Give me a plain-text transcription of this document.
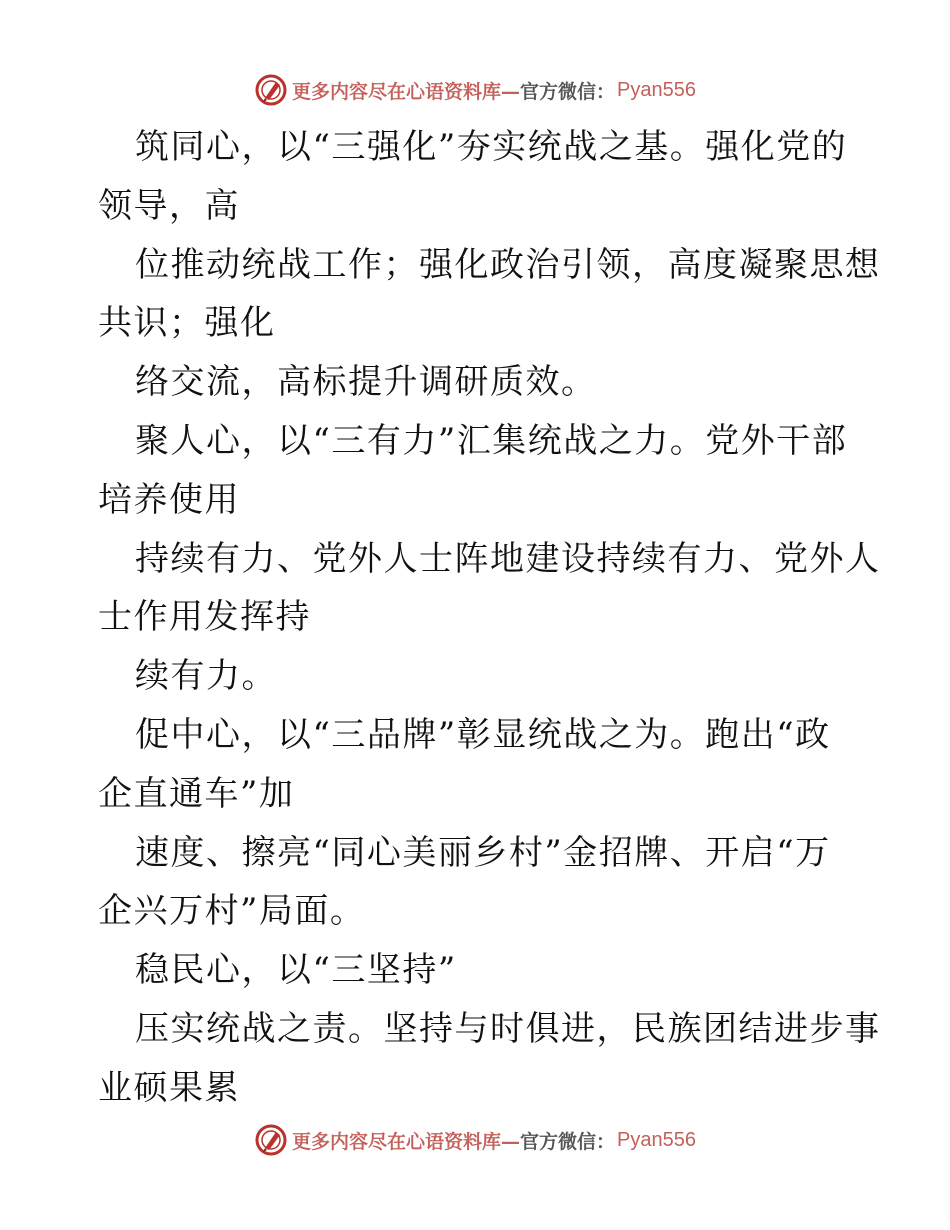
更多内容尽在心语资料库— 官方微信： Pyan556
筑同心，以“三强化”夯实统战之基。强化党的
领导，高
位推动统战工作；强化政治引领，高度凝聚思想
共识；强化
络交流，高标提升调研质效。
聚人心，以“三有力”汇集统战之力。党外干部
培养使用
持续有力、党外人士阵地建设持续有力、党外人
士作用发挥持
续有力。
促中心，以“三品牌”彰显统战之为。跑出“政
企直通车”加
速度、擦亮“同心美丽乡村”金招牌、开启“万
企兴万村”局面。
稳民心，以“三坚持”
压实统战之责。坚持与时俱进，民族团结进步事
业硕果累
更多内容尽在心语资料库— 官方微信： Pyan556
